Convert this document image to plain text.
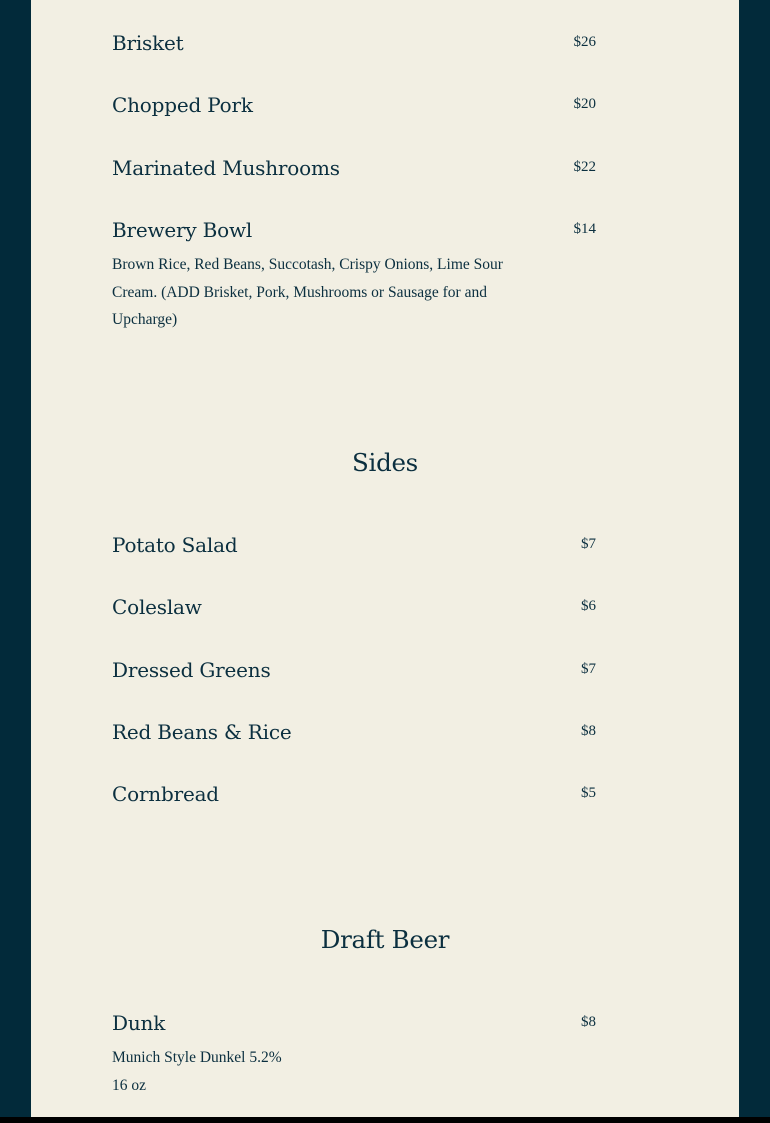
Brisket	$26
Chopped Pork	$20
Marinated Mushrooms	$22
Brewery Bowl	$14
Brown Rice, Red Beans, Succotash, Crispy Onions, Lime Sour
Cream. (ADD Brisket, Pork, Mushrooms or Sausage for and
Upcharge)
Sides
Potato Salad	$7
Coleslaw	$6
Dressed Greens	$7
Red Beans & Rice	$8
Cornbread	$5
Draft Beer
Dunk	$8
Munich Style Dunkel 5.2%
16 oz
